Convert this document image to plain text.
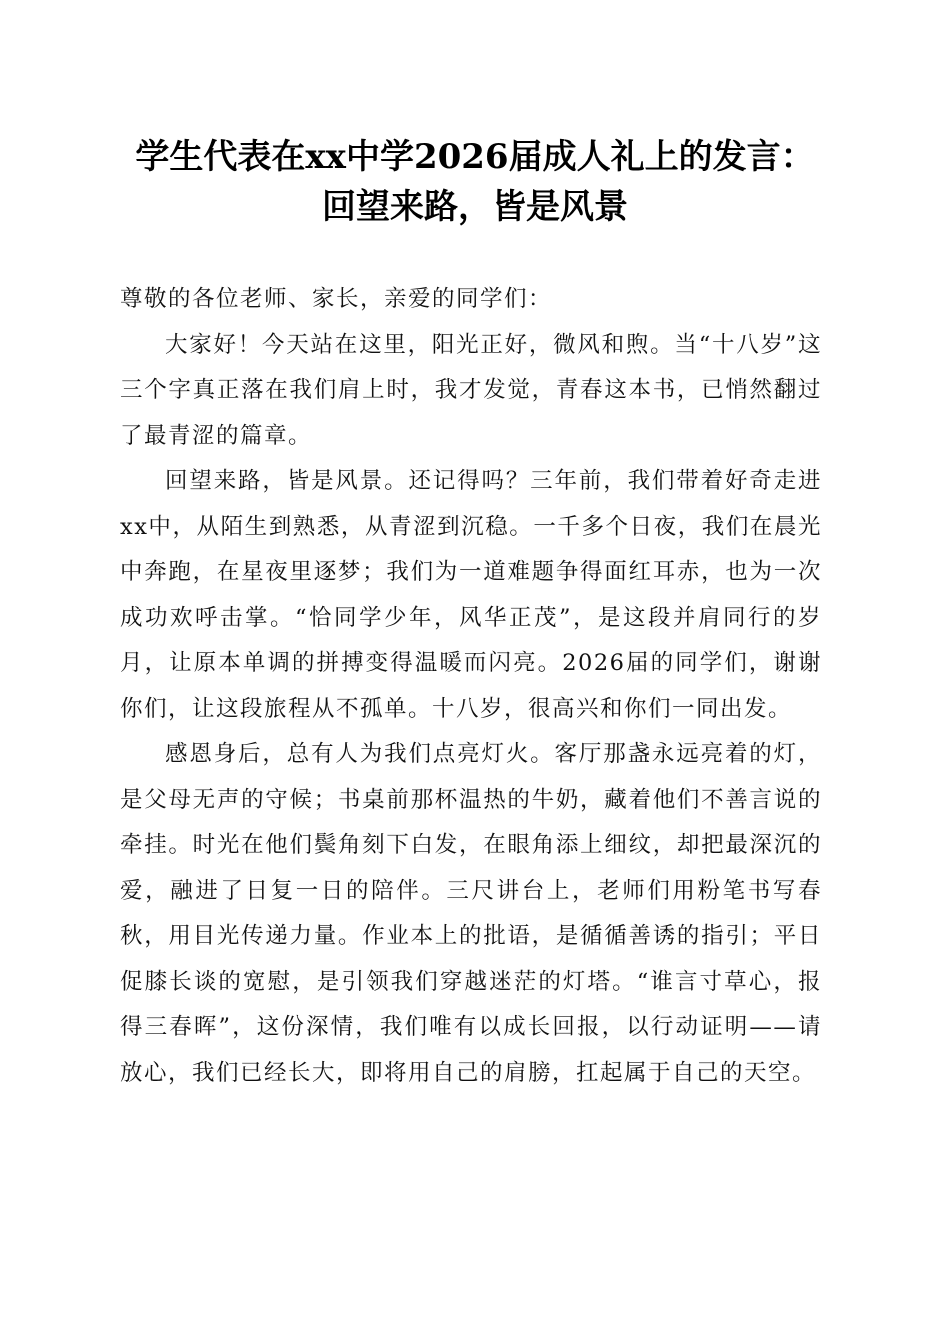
学生代表在xx中学2026届成人礼上的发言：
回望来路，皆是风景

尊敬的各位老师、家长，亲爱的同学们：

大家好！今天站在这里，阳光正好，微风和煦。当“十八岁”这三个字真正落在我们肩上时，我才发觉，青春这本书，已悄然翻过了最青涩的篇章。

回望来路，皆是风景。还记得吗？三年前，我们带着好奇走进xx中，从陌生到熟悉，从青涩到沉稳。一千多个日夜，我们在晨光中奔跑，在星夜里逐梦；我们为一道难题争得面红耳赤，也为一次成功欢呼击掌。“恰同学少年，风华正茂”，是这段并肩同行的岁月，让原本单调的拼搏变得温暖而闪亮。2026届的同学们，谢谢你们，让这段旅程从不孤单。十八岁，很高兴和你们一同出发。

感恩身后，总有人为我们点亮灯火。客厅那盏永远亮着的灯，是父母无声的守候；书桌前那杯温热的牛奶，藏着他们不善言说的牵挂。时光在他们鬓角刻下白发，在眼角添上细纹，却把最深沉的爱，融进了日复一日的陪伴。三尺讲台上，老师们用粉笔书写春秋，用目光传递力量。作业本上的批语，是循循善诱的指引；平日促膝长谈的宽慰，是引领我们穿越迷茫的灯塔。“谁言寸草心，报得三春晖”，这份深情，我们唯有以成长回报，以行动证明——请放心，我们已经长大，即将用自己的肩膀，扛起属于自己的天空。
